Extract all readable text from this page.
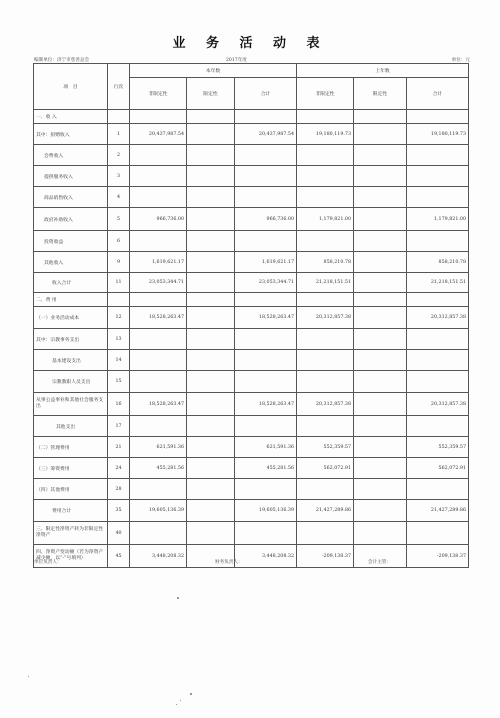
业 务 活 动 表
编制单位：济宁市慈善总会	2017年度	单位：元
项　目	行次	本年数			上年数		
		非限定性	限定性	合计	非限定性	限定性	合计
一、收 入							
其中：捐赠收入	1	20,437,987.54		20,437,987.54	19,180,119.73		19,180,119.73
会费收入	2						
提供服务收入	3						
商品销售收入	4						
政府补助收入	5	966,736.00		966,736.00	1,179,821.00		1,179,821.00
投资收益	6						
其他收入	9	1,619,621.17		1,619,621.17	858,210.78		858,210.78
收入合计	11	23,053,344.71		23,053,344.71	21,218,151.51		21,218,151.51
二、费 用							
（一）业务活动成本	12	18,528,263.47		18,528,263.47	20,312,857.38		20,312,857.38
其中：宗教事务支出	13						
基本建设支出	14						
宗教教职人员支出	15						
从事公益事业和其他社会服务支出	16	18,528,263.47		18,528,263.47	20,312,857.38		20,312,857.38
其他支出	17						
（二）管理费用	21	621,591.36		621,591.36	552,359.57		552,359.57
（三）筹资费用	24	455,281.56		455,281.56	562,072.91		562,072.91
（四）其他费用	28						
费用合计	35	19,605,136.39		19,605,136.39	21,427,289.86		21,427,289.86
三、限定性净资产转为非限定性净资产	40						
四、净资产变动额（若为净资产减少额，以“-”号填列）	45	3,448,208.32		3,448,208.32	-209,138.37		-209,138.37
单位负责人：	财务负责人：	会计主管：
